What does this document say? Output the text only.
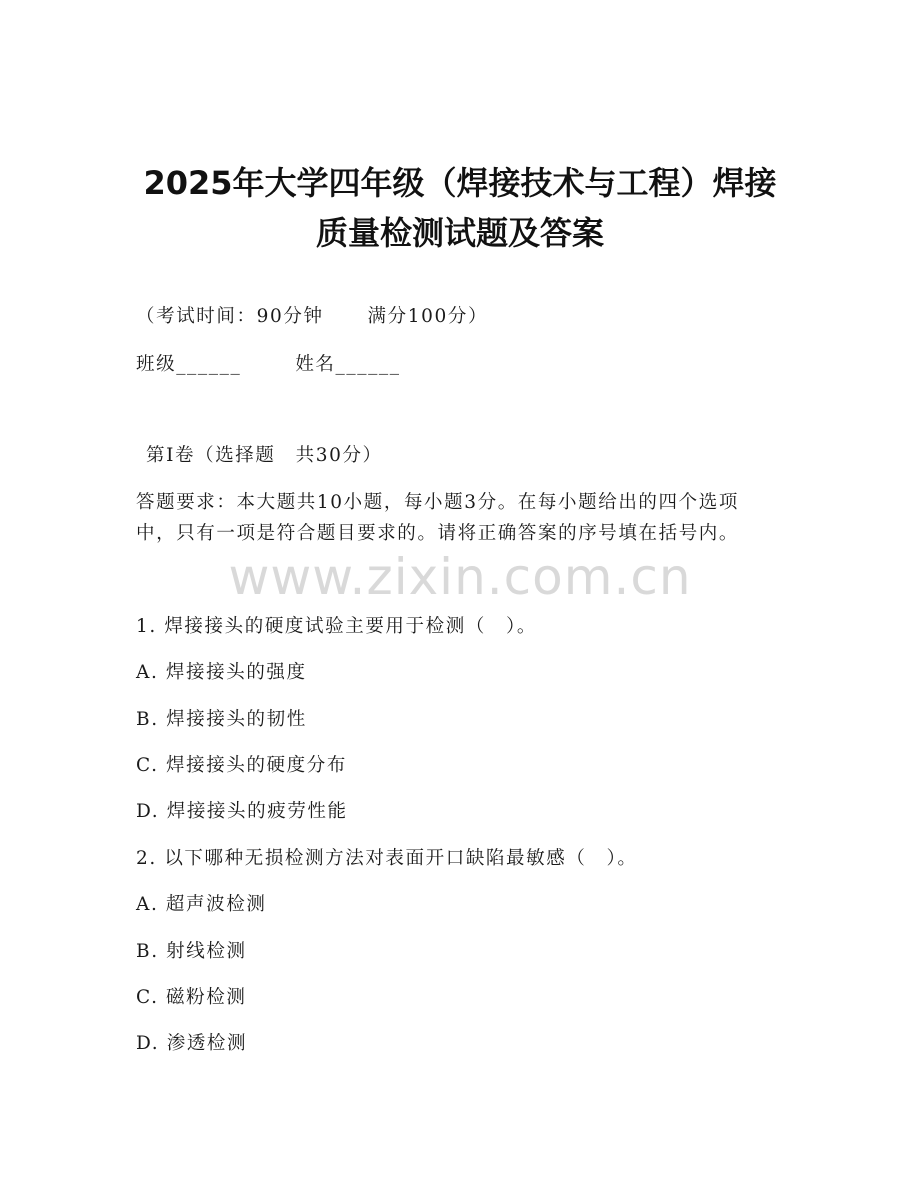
2025年大学四年级（焊接技术与工程）焊接
质量检测试题及答案
（考试时间：90分钟 满分100分）
班级______	姓名______
第Ⅰ卷（选择题　共30分）
答题要求：本大题共10小题，每小题3分。在每小题给出的四个选项
中，只有一项是符合题目要求的。请将正确答案的序号填在括号内。
www.zixin.com.cn
1. 焊接接头的硬度试验主要用于检测（　）。
A. 焊接接头的强度
B. 焊接接头的韧性
C. 焊接接头的硬度分布
D. 焊接接头的疲劳性能
2. 以下哪种无损检测方法对表面开口缺陷最敏感（　）。
A. 超声波检测
B. 射线检测
C. 磁粉检测
D. 渗透检测
